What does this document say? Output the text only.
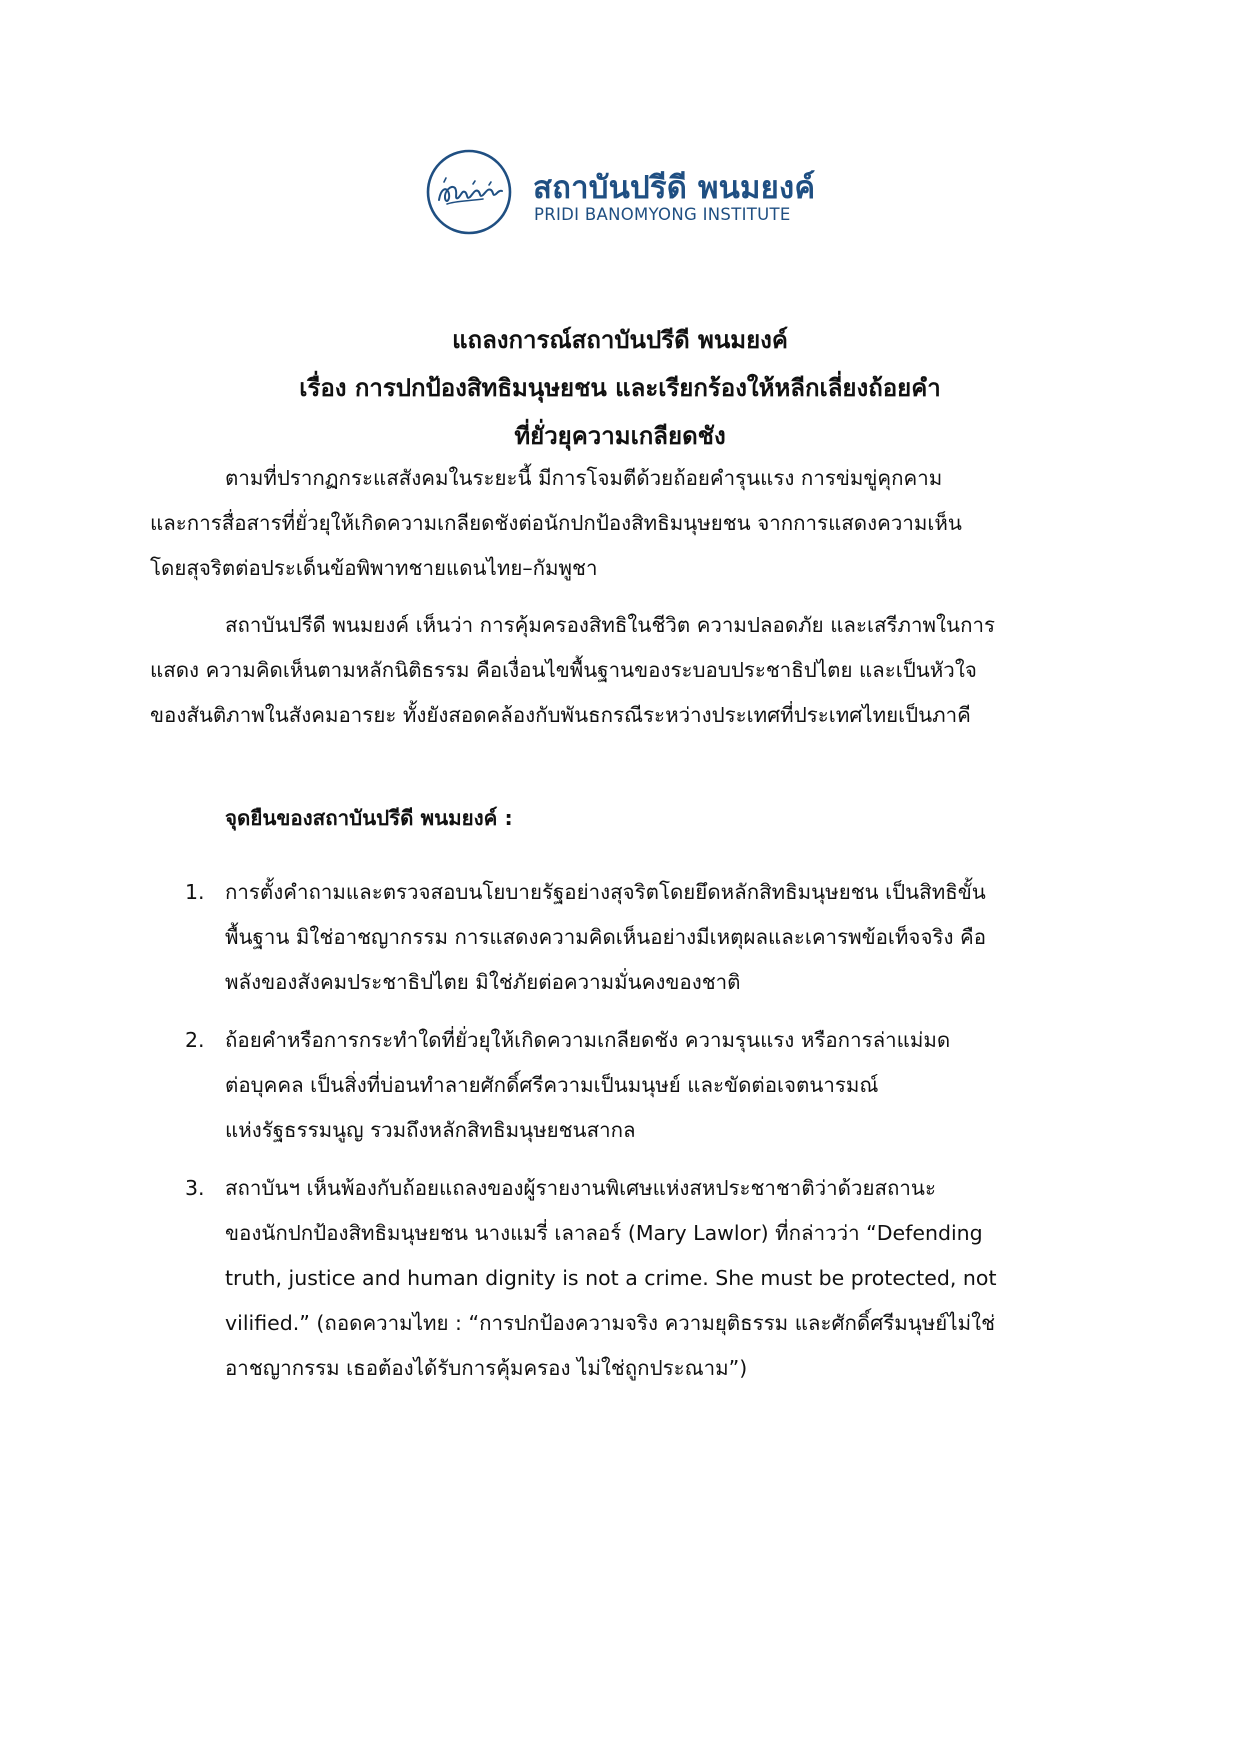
สถาบันปรีดี พนมยงค์
PRIDI BANOMYONG INSTITUTE
แถลงการณ์สถาบันปรีดี พนมยงค์
เรื่อง การปกป้องสิทธิมนุษยชน และเรียกร้องให้หลีกเลี่ยงถ้อยคำ
ที่ยั่วยุความเกลียดชัง
ตามที่ปรากฏกระแสสังคมในระยะนี้ มีการโจมตีด้วยถ้อยคำรุนแรง การข่มขู่คุกคาม
และการสื่อสารที่ยั่วยุให้เกิดความเกลียดชังต่อนักปกป้องสิทธิมนุษยชน จากการแสดงความเห็น
โดยสุจริตต่อประเด็นข้อพิพาทชายแดนไทย–กัมพูชา
สถาบันปรีดี พนมยงค์ เห็นว่า การคุ้มครองสิทธิในชีวิต ความปลอดภัย และเสรีภาพในการ
แสดง ความคิดเห็นตามหลักนิติธรรม คือเงื่อนไขพื้นฐานของระบอบประชาธิปไตย และเป็นหัวใจ
ของสันติภาพในสังคมอารยะ ทั้งยังสอดคล้องกับพันธกรณีระหว่างประเทศที่ประเทศไทยเป็นภาคี
จุดยืนของสถาบันปรีดี พนมยงค์ :
1. การตั้งคำถามและตรวจสอบนโยบายรัฐอย่างสุจริตโดยยึดหลักสิทธิมนุษยชน เป็นสิทธิขั้น
พื้นฐาน มิใช่อาชญากรรม การแสดงความคิดเห็นอย่างมีเหตุผลและเคารพข้อเท็จจริง คือ
พลังของสังคมประชาธิปไตย มิใช่ภัยต่อความมั่นคงของชาติ
2. ถ้อยคำหรือการกระทำใดที่ยั่วยุให้เกิดความเกลียดชัง ความรุนแรง หรือการล่าแม่มด
ต่อบุคคล เป็นสิ่งที่บ่อนทำลายศักดิ์ศรีความเป็นมนุษย์ และขัดต่อเจตนารมณ์
แห่งรัฐธรรมนูญ รวมถึงหลักสิทธิมนุษยชนสากล
3. สถาบันฯ เห็นพ้องกับถ้อยแถลงของผู้รายงานพิเศษแห่งสหประชาชาติว่าด้วยสถานะ
ของนักปกป้องสิทธิมนุษยชน นางแมรี่ เลาลอร์ (Mary Lawlor) ที่กล่าวว่า “Defending
truth, justice and human dignity is not a crime. She must be protected, not
vilified.” (ถอดความไทย : “การปกป้องความจริง ความยุติธรรม และศักดิ์ศรีมนุษย์ไม่ใช่
อาชญากรรม เธอต้องได้รับการคุ้มครอง ไม่ใช่ถูกประณาม”)
